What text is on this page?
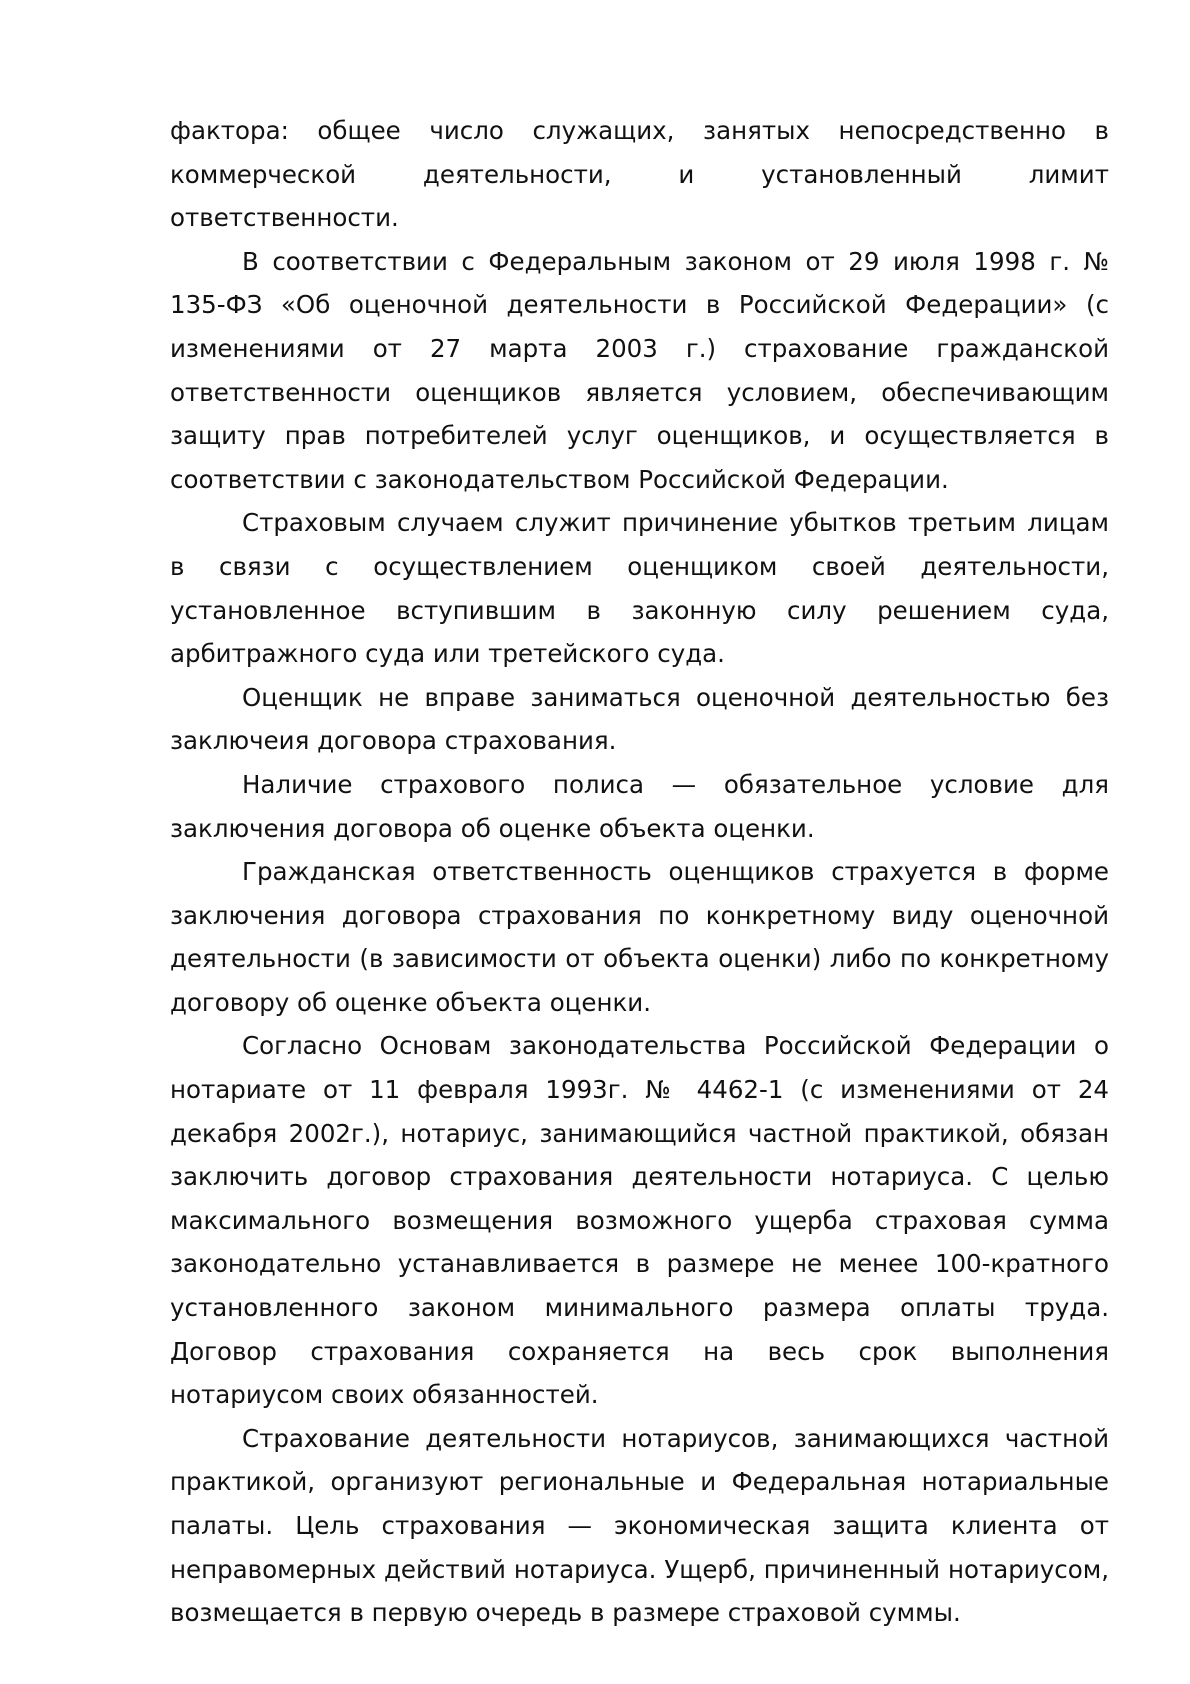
фактора: общее число служащих, занятых непосредственно в коммерческой деятельности, и установленный лимит ответственности.

В соответствии с Федеральным законом от 29 июля 1998 г. № 135-ФЗ «Об оценочной деятельности в Российской Федерации» (с изменениями от 27 марта 2003 г.) страхование гражданской ответственности оценщиков является условием, обеспечивающим защиту прав потребителей услуг оценщиков, и осуществляется в соответствии с законодательством Российской Федерации.

Страховым случаем служит причинение убытков третьим лицам в связи с осуществлением оценщиком своей деятельности, установленное вступившим в законную силу решением суда, арбитражного суда или третейского суда.

Оценщик не вправе заниматься оценочной деятельностью без заключеия договора страхования.

Наличие страхового полиса — обязательное условие для заключения договора об оценке объекта оценки.

Гражданская ответственность оценщиков страхуется в форме заключения договора страхования по конкретному виду оценочной деятельности (в зависимости от объекта оценки) либо по конкретному договору об оценке объекта оценки.

Согласно Основам законодательства Российской Федерации о нотариате от 11 февраля 1993г. № 4462-1 (с изменениями от 24 декабря 2002г.), нотариус, занимающийся частной практикой, обязан заключить договор страхования деятельности нотариуса. С целью максимального возмещения возможного ущерба страховая сумма законодательно устанавливается в размере не менее 100-кратного установленного законом минимального размера оплаты труда. Договор страхования сохраняется на весь срок выполнения нотариусом своих обязанностей.

Страхование деятельности нотариусов, занимающихся частной практикой, организуют региональные и Федеральная нотариальные палаты. Цель страхования — экономическая защита клиента от неправомерных действий нотариуса. Ущерб, причиненный нотариусом, возмещается в первую очередь в размере страховой суммы.
